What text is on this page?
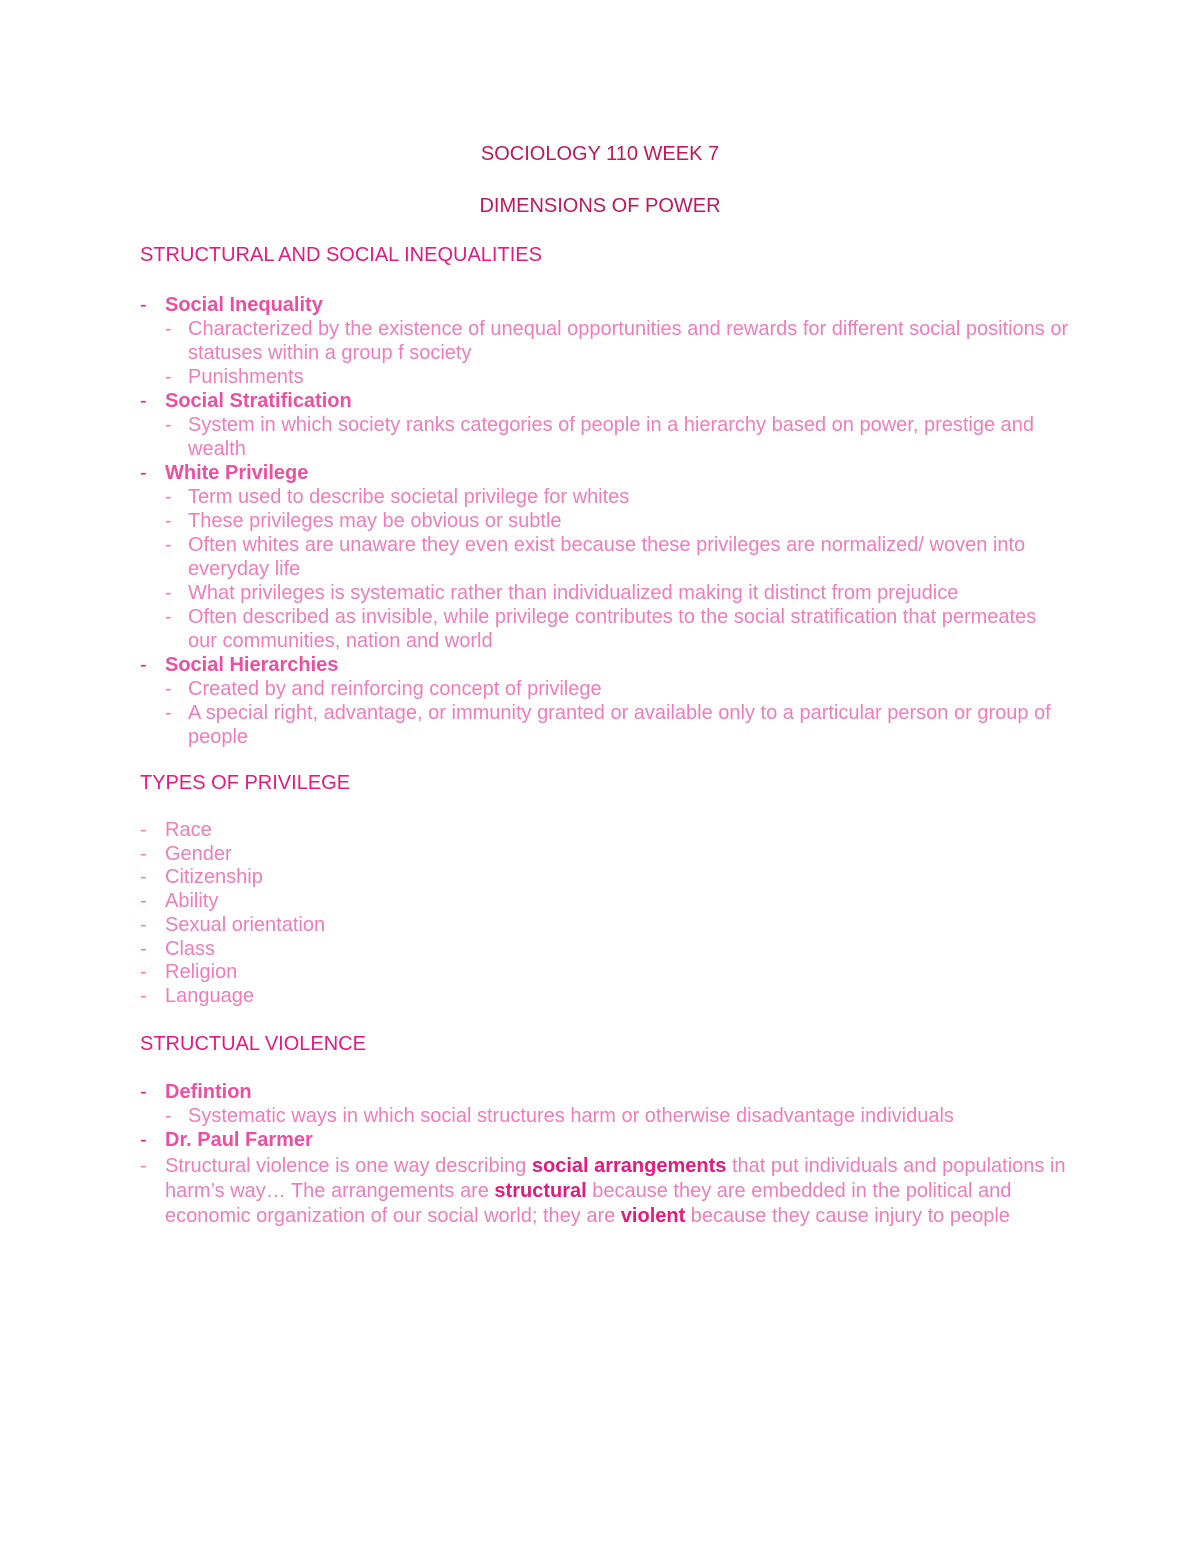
SOCIOLOGY 110 WEEK 7
DIMENSIONS OF POWER
STRUCTURAL AND SOCIAL INEQUALITIES
- Social Inequality
- Characterized by the existence of unequal opportunities and rewards for different social positions or statuses within a group f society
- Punishments
- Social Stratification
- System in which society ranks categories of people in a hierarchy based on power, prestige and wealth
- White Privilege
- Term used to describe societal privilege for whites
- These privileges may be obvious or subtle
- Often whites are unaware they even exist because these privileges are normalized/ woven into everyday life
- What privileges is systematic rather than individualized making it distinct from prejudice
- Often described as invisible, while privilege contributes to the social stratification that permeates our communities, nation and world
- Social Hierarchies
- Created by and reinforcing concept of privilege
- A special right, advantage, or immunity granted or available only to a particular person or group of people
TYPES OF PRIVILEGE
- Race
- Gender
- Citizenship
- Ability
- Sexual orientation
- Class
- Religion
- Language
STRUCTUAL VIOLENCE
- Defintion
- Systematic ways in which social structures harm or otherwise disadvantage individuals
- Dr. Paul Farmer
- Structural violence is one way describing social arrangements that put individuals and populations in harm’s way… The arrangements are structural because they are embedded in the political and economic organization of our social world; they are violent because they cause injury to people
